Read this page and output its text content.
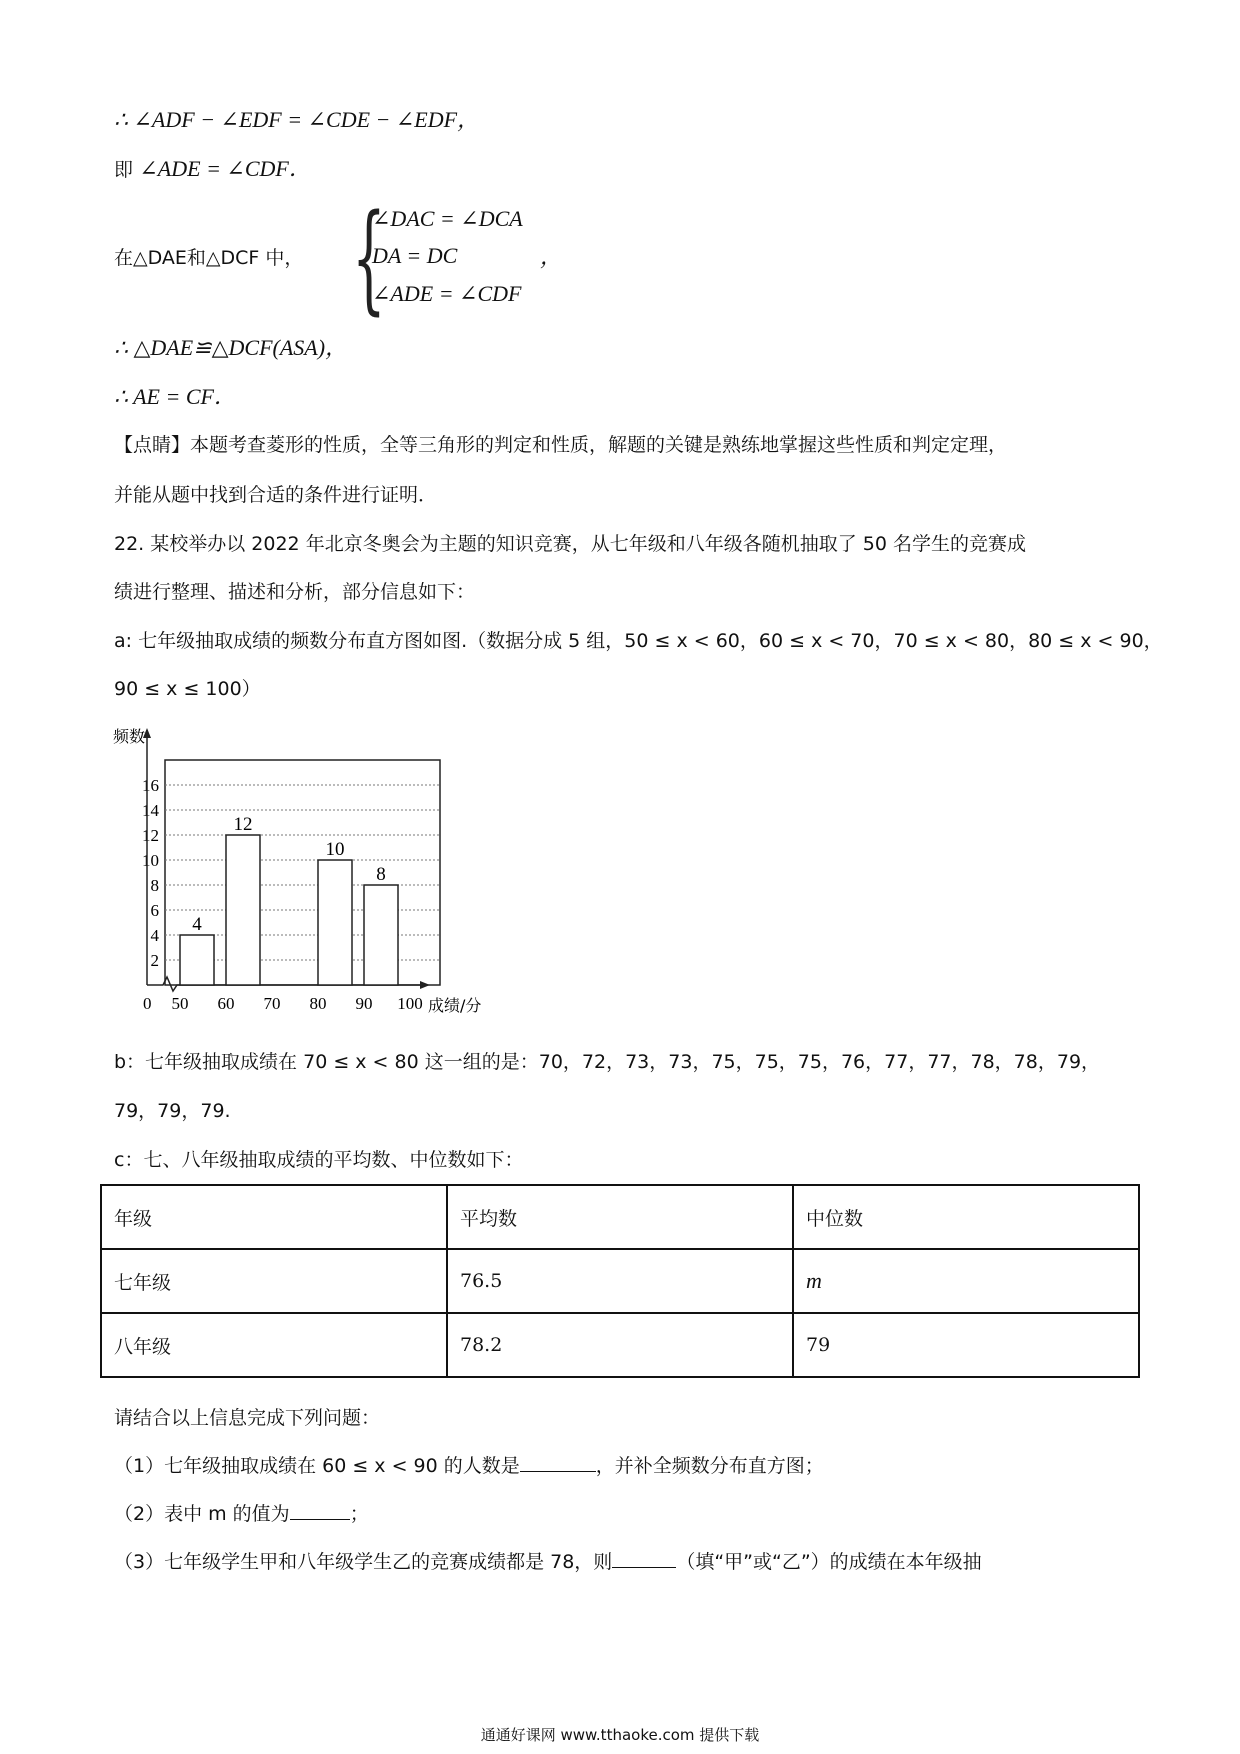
∴ ∠ADF − ∠EDF = ∠CDE − ∠EDF，
即 ∠ADE = ∠CDF．
在△DAE和△DCF 中， {
∠DAC = ∠DCA
DA = DC
∠ADE = ∠CDF
，
∴ △DAE≌△DCF(ASA)，
∴ AE = CF．
【点睛】本题考查菱形的性质，全等三角形的判定和性质，解题的关键是熟练地掌握这些性质和判定定理，
并能从题中找到合适的条件进行证明．
22. 某校举办以 2022 年北京冬奥会为主题的知识竞赛，从七年级和八年级各随机抽取了 50 名学生的竞赛成
绩进行整理、描述和分析，部分信息如下：
a: 七年级抽取成绩的频数分布直方图如图.（数据分成 5 组，50 ≤ x < 60，60 ≤ x < 70，70 ≤ x < 80，80 ≤ x < 90，
90 ≤ x ≤ 100）
2
4
6
8
10
12
14
16
频数
成绩/分
0 50 60 70 80 90 100
4
12
10
8
b：七年级抽取成绩在 70 ≤ x < 80 这一组的是：70，72，73，73，75，75，75，76，77，77，78，78，79，
79，79，79.
c：七、八年级抽取成绩的平均数、中位数如下：
年级	平均数	中位数
七年级	76.5	m
八年级	78.2	79
请结合以上信息完成下列问题：
（1）七年级抽取成绩在 60 ≤ x < 90 的人数是	，并补全频数分布直方图；
（2）表中 m 的值为	；
（3）七年级学生甲和八年级学生乙的竞赛成绩都是 78，则	（填“甲”或“乙”）的成绩在本年级抽
通通好课网 www.tthaoke.com 提供下载
